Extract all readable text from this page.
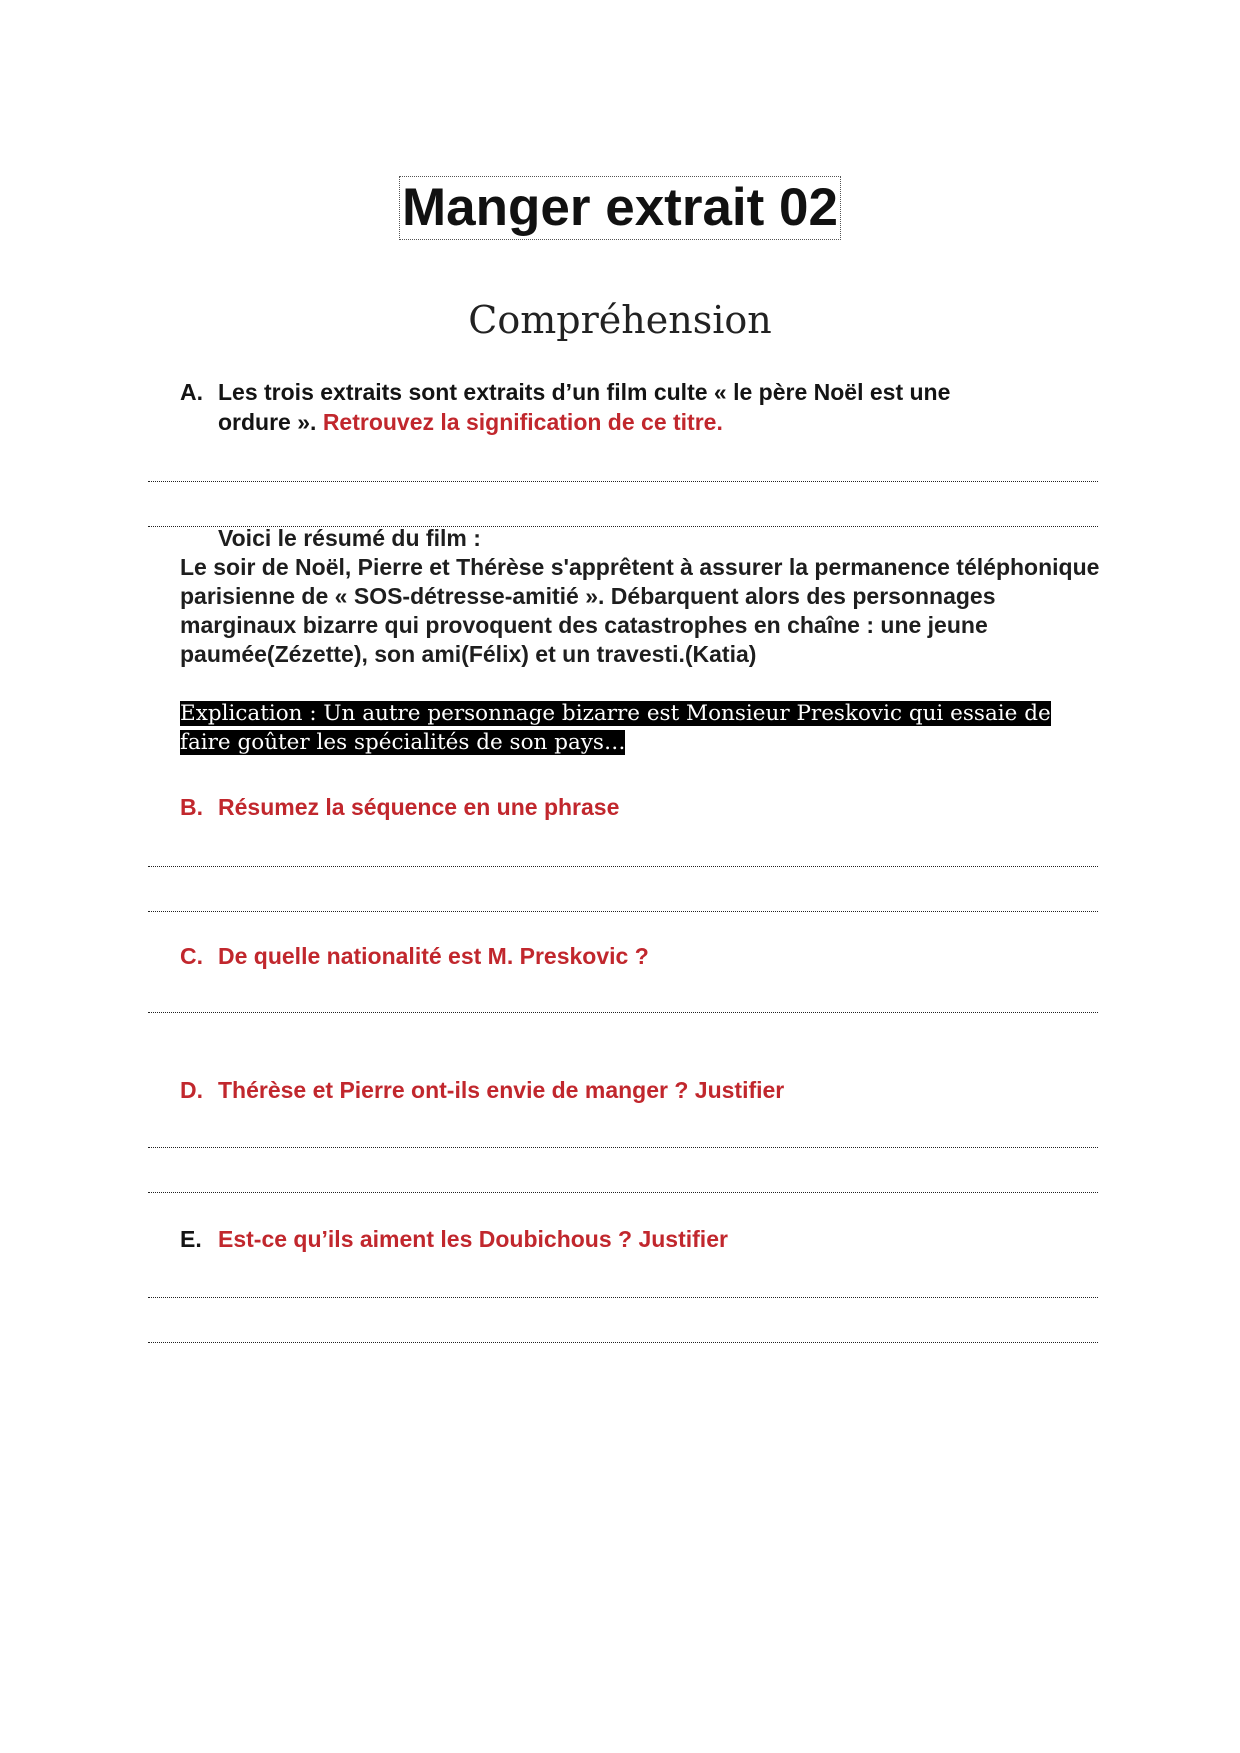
Manger extrait 02
Compréhension
A. Les trois extraits sont extraits d’un film culte « le père Noël est une
ordure ». Retrouvez la signification de ce titre.
Voici le résumé du film :
Le soir de Noël, Pierre et Thérèse s'apprêtent à assurer la permanence téléphonique parisienne de « SOS-détresse-amitié ». Débarquent alors des personnages marginaux bizarre qui provoquent des catastrophes en chaîne : une jeune paumée(Zézette), son ami(Félix) et un travesti.(Katia)
Explication : Un autre personnage bizarre est Monsieur Preskovic qui essaie de faire goûter les spécialités de son pays…
B. Résumez la séquence en une phrase
C. De quelle nationalité est M. Preskovic ?
D. Thérèse et Pierre ont-ils envie de manger ? Justifier
E. Est-ce qu’ils aiment les Doubichous ? Justifier
